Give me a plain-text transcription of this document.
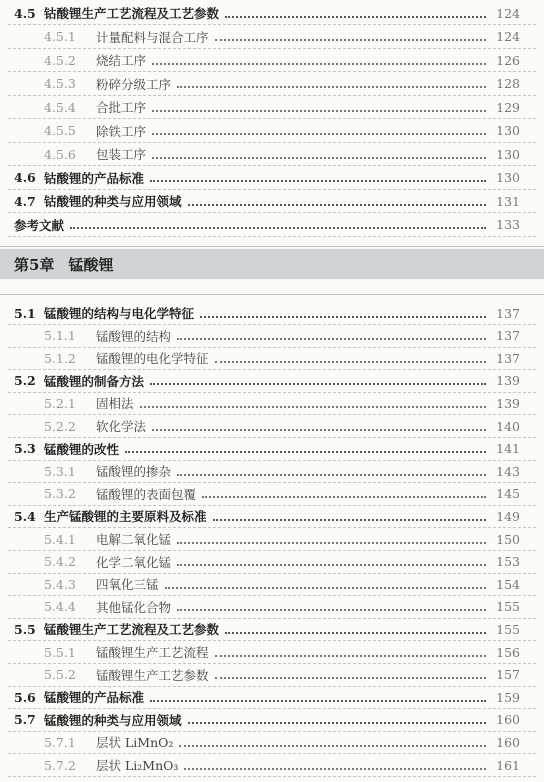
4.5 钴酸锂生产工艺流程及工艺参数	124
4.5.1	计量配料与混合工序	124
4.5.2	烧结工序	126
4.5.3	粉碎分级工序	128
4.5.4	合批工序	129
4.5.5	除铁工序	130
4.5.6	包装工序	130
4.6 钴酸锂的产品标准	130
4.7 钴酸锂的种类与应用领域	131
参考文献	133
5.1 锰酸锂的结构与电化学特征	137
5.1.1	锰酸锂的结构	137
5.1.2	锰酸锂的电化学特征	137
5.2 锰酸锂的制备方法	139
5.2.1	固相法	139
5.2.2	软化学法	140
5.3 锰酸锂的改性	141
5.3.1	锰酸锂的掺杂	143
5.3.2	锰酸锂的表面包覆	145
5.4 生产锰酸锂的主要原料及标准	149
5.4.1	电解二氧化锰	150
5.4.2	化学二氧化锰	153
5.4.3	四氧化三锰	154
5.4.4	其他锰化合物	155
5.5 锰酸锂生产工艺流程及工艺参数	155
5.5.1	锰酸锂生产工艺流程	156
5.5.2	锰酸锂生产工艺参数	157
5.6 锰酸锂的产品标准	159
5.7 锰酸锂的种类与应用领域	160
5.7.1	层状 LiMnO₂	160
5.7.2	层状 Li₂MnO₃	161
第5章 锰酸锂
